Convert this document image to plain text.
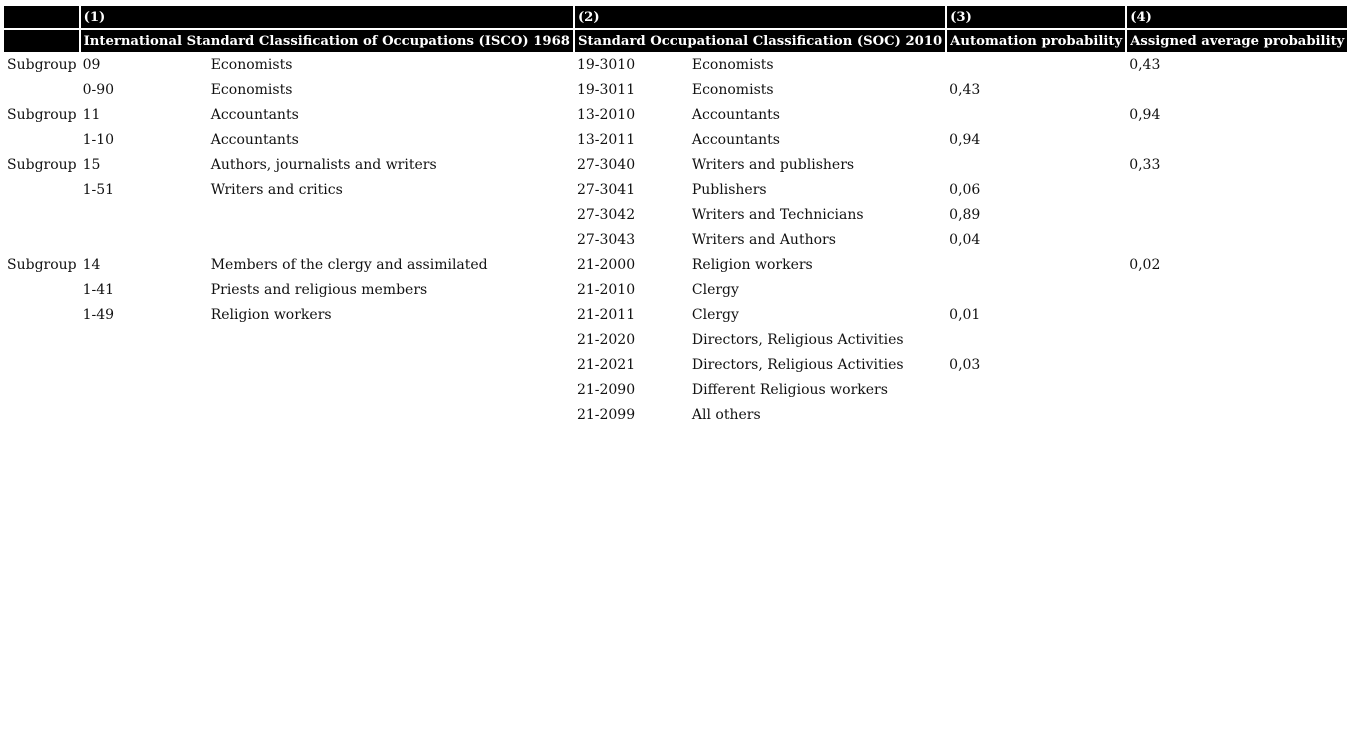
	(1)		(2)		(3)	(4)
	International Standard Classification of Occupations (ISCO) 1968		Standard Occupational Classification (SOC) 2010		Automation probability	Assigned average probability
Subgroup	09	Economists	19-3010	Economists		0,43
	0-90	Economists	19-3011	Economists	0,43	
Subgroup	11	Accountants	13-2010	Accountants		0,94
	1-10	Accountants	13-2011	Accountants	0,94	
Subgroup	15	Authors, journalists and writers	27-3040	Writers and publishers		0,33
	1-51	Writers and critics	27-3041	Publishers	0,06	
			27-3042	Writers and Technicians	0,89	
			27-3043	Writers and Authors	0,04	
Subgroup	14	Members of the clergy and assimilated	21-2000	Religion workers		0,02
	1-41	Priests and religious members	21-2010	Clergy		
	1-49	Religion workers	21-2011	Clergy	0,01	
			21-2020	Directors, Religious Activities		
			21-2021	Directors, Religious Activities	0,03	
			21-2090	Different Religious workers		
			21-2099	All others		
